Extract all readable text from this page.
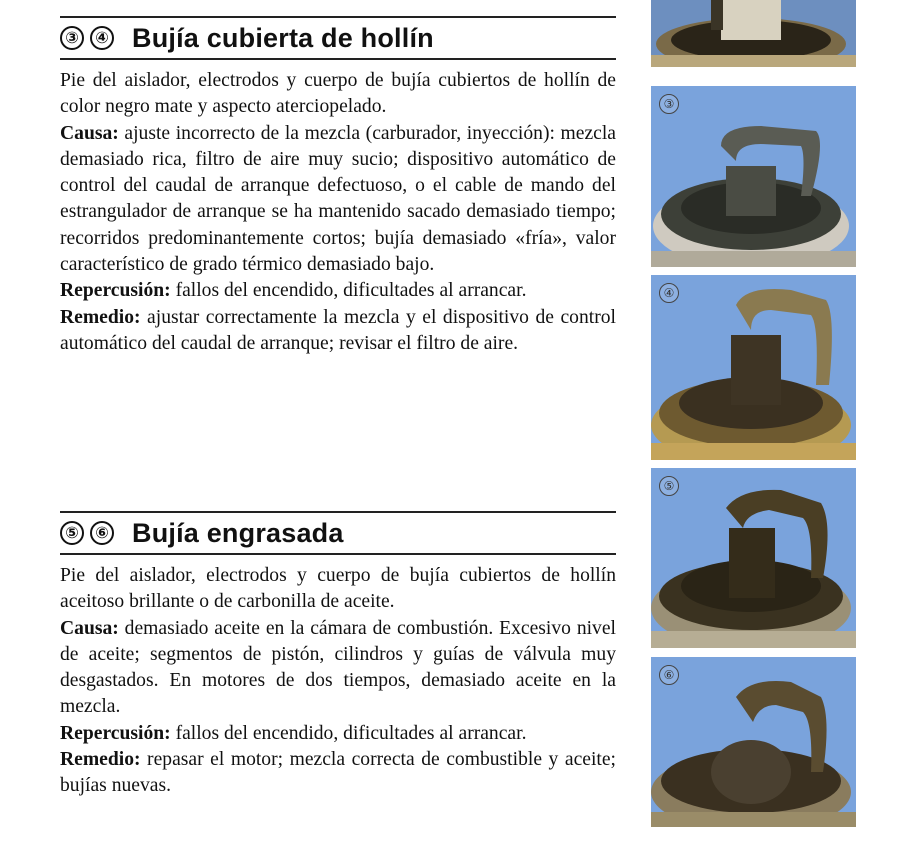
③	④ Bujía cubierta de hollín

Pie del aislador, electrodos y cuerpo de bujía cubiertos de hollín de color negro mate y aspecto aterciopelado.

Causa: ajuste incorrecto de la mezcla (carburador, inyección): mezcla demasiado rica, filtro de aire muy sucio; dispositivo automático de control del caudal de arranque defectuoso, o el cable de mando del estrangulador de arranque se ha mantenido sacado demasiado tiempo; recorridos predominantemente cortos; bujía demasiado «fría», valor característico de grado térmico demasiado bajo.

Repercusión: fallos del encendido, dificultades al arrancar.

Remedio: ajustar correctamente la mezcla y el dispositivo de control automático del caudal de arranque; revisar el filtro de aire.

⑤	⑥ Bujía engrasada

Pie del aislador, electrodos y cuerpo de bujía cubiertos de hollín aceitoso brillante o de carbonilla de aceite.

Causa: demasiado aceite en la cámara de combustión. Excesivo nivel de aceite; segmentos de pistón, cilindros y guías de válvula muy desgastados. En motores de dos tiempos, demasiado aceite en la mezcla.

Repercusión: fallos del encendido, dificultades al arrancar.

Remedio: repasar el motor; mezcla correcta de combustible y aceite; bujías nuevas.

③
④
⑤
⑥
